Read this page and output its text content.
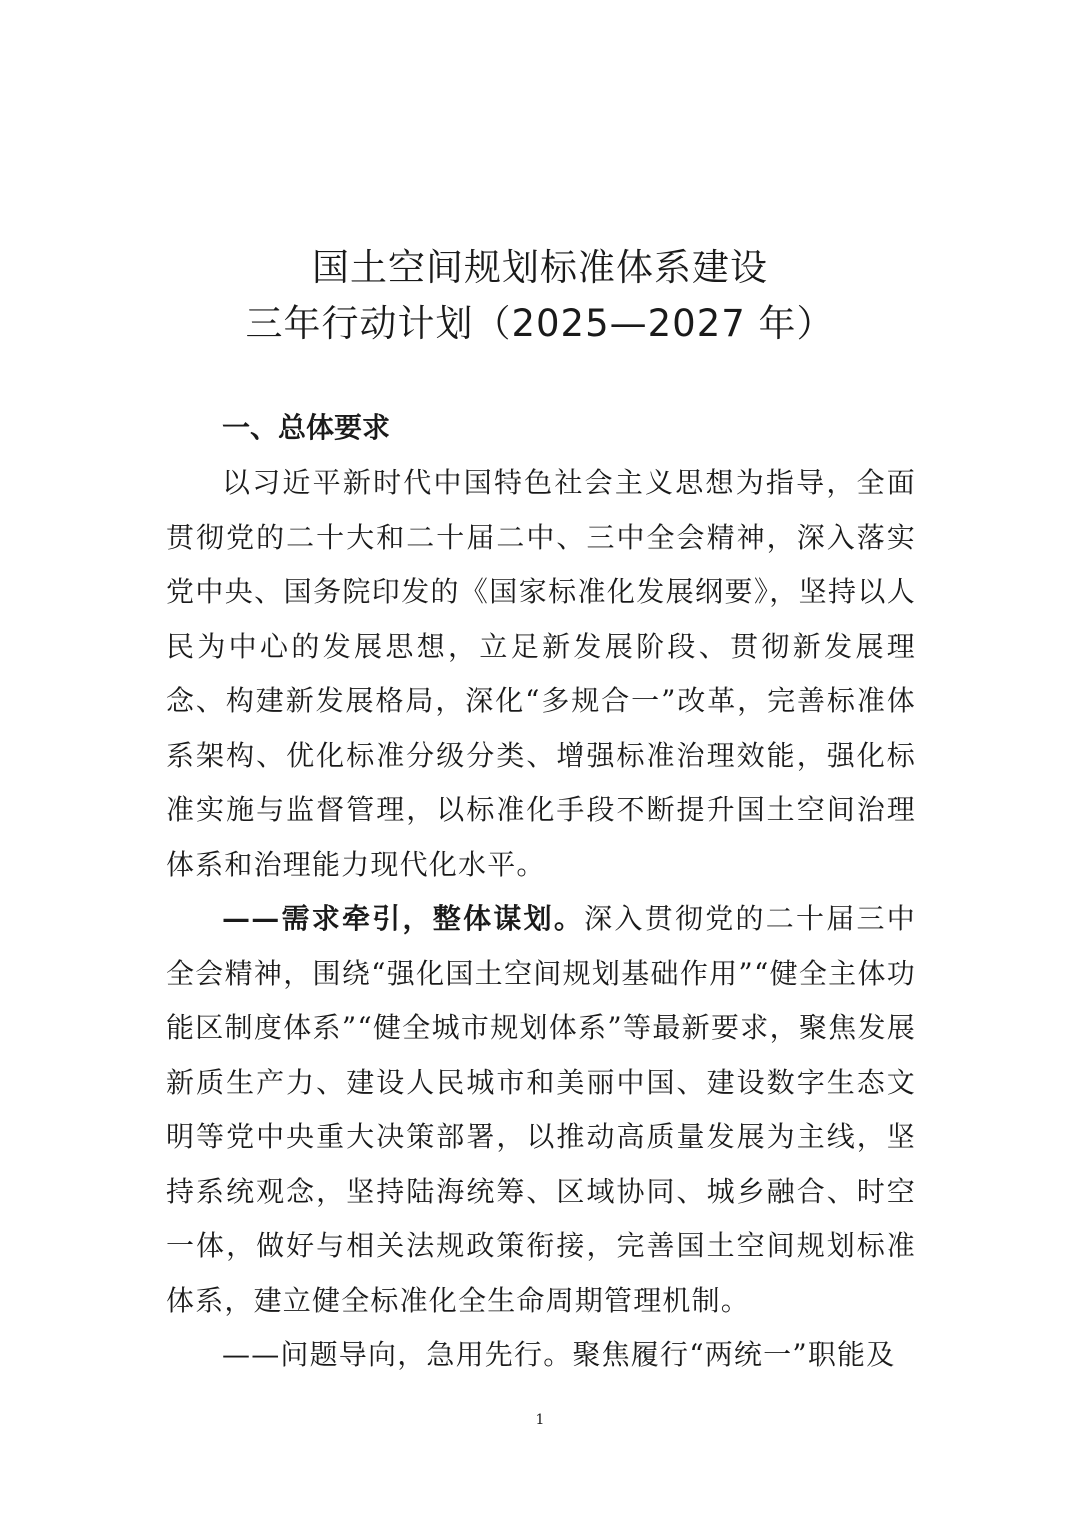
国土空间规划标准体系建设
三年行动计划（2025—2027 年）
一、总体要求

以习近平新时代中国特色社会主义思想为指导，全面贯彻党的二十大和二十届二中、三中全会精神，深入落实党中央、国务院印发的《国家标准化发展纲要》，坚持以人民为中心的发展思想，立足新发展阶段、贯彻新发展理念、构建新发展格局，深化“多规合一”改革，完善标准体系架构、优化标准分级分类、增强标准治理效能，强化标准实施与监督管理，以标准化手段不断提升国土空间治理体系和治理能力现代化水平。

——需求牵引，整体谋划。深入贯彻党的二十届三中全会精神，围绕“强化国土空间规划基础作用”“健全主体功能区制度体系”“健全城市规划体系”等最新要求，聚焦发展新质生产力、建设人民城市和美丽中国、建设数字生态文明等党中央重大决策部署，以推动高质量发展为主线，坚持系统观念，坚持陆海统筹、区域协同、城乡融合、时空一体，做好与相关法规政策衔接，完善国土空间规划标准体系，建立健全标准化全生命周期管理机制。

——问题导向，急用先行。聚焦履行“两统一”职能及

1
